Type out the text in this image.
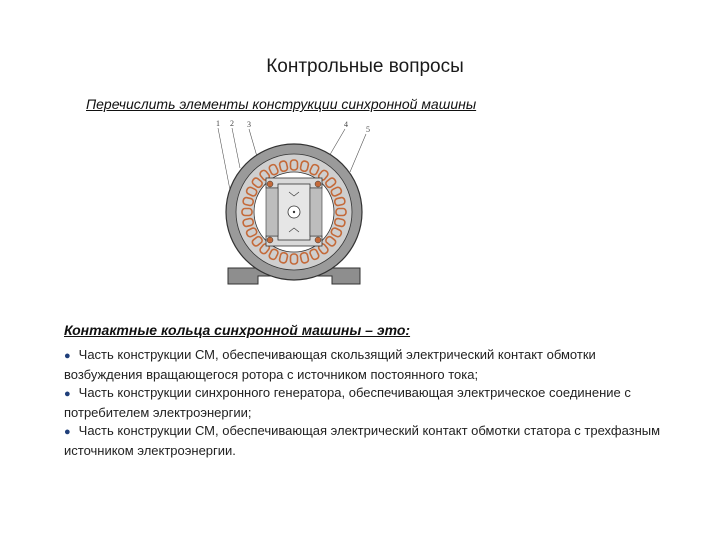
Контрольные вопросы
Перечислить элементы конструкции синхронной машины
1 2 3	4
5
Контактные кольца синхронной машины – это:
● Часть конструкции СМ, обеспечивающая скользящий электрический контакт обмотки возбуждения вращающегося ротора с источником постоянного тока;
● Часть конструкции синхронного генератора, обеспечивающая электрическое соединение с потребителем электроэнергии;
● Часть конструкции СМ, обеспечивающая электрический контакт обмотки статора с трехфазным источником электроэнергии.
